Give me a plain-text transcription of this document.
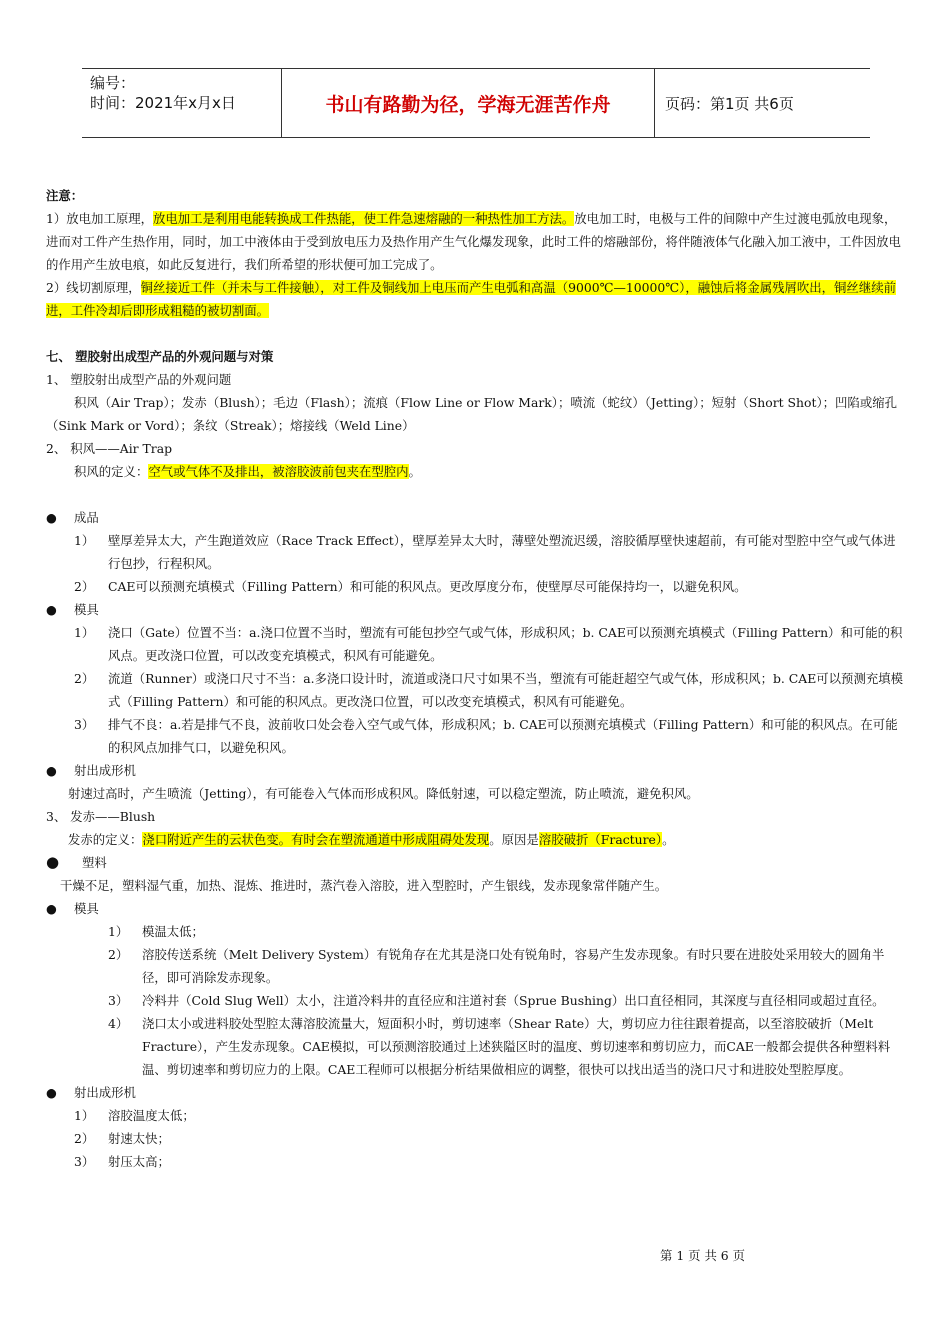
编号：
时间：2021年x月x日	书山有路勤为径，学海无涯苦作舟	页码：第1页 共6页

注意：

1）放电加工原理，放电加工是利用电能转换成工件热能，使工件急速熔融的一种热性加工方法。放电加工时，电极与工件的间隙中产生过渡电弧放电现象，进而对工件产生热作用，同时，加工中液体由于受到放电压力及热作用产生气化爆发现象，此时工件的熔融部份，将伴随液体气化融入加工液中，工件因放电的作用产生放电痕，如此反复进行，我们所希望的形状便可加工完成了。

2）线切割原理，铜丝接近工件（并未与工件接触），对工件及铜线加上电压而产生电弧和高温（9000℃—10000℃），融蚀后将金属残屑吹出，铜丝继续前进，工件冷却后即形成粗糙的被切割面。

七、 塑胶射出成型产品的外观问题与对策

1、 塑胶射出成型产品的外观问题

积风（Air Trap）；发赤（Blush）；毛边（Flash）；流痕（Flow Line or Flow Mark）；喷流（蛇纹）（Jetting）；短射（Short Shot）；凹陷或缩孔（Sink Mark or Vord）；条纹（Streak）；熔接线（Weld Line）

2、 积风——Air Trap

积风的定义：空气或气体不及排出，被溶胶波前包夹在型腔内。

● 成品
1）	壁厚差异太大，产生跑道效应（Race Track Effect），壁厚差异太大时，薄壁处塑流迟缓，溶胶循厚壁快速超前，有可能对型腔中空气或气体进行包抄，行程积风。
2）	CAE可以预测充填模式（Filling Pattern）和可能的积风点。更改厚度分布，使壁厚尽可能保持均一，以避免积风。
● 模具
1）	浇口（Gate）位置不当：a.浇口位置不当时，塑流有可能包抄空气或气体，形成积风；b. CAE可以预测充填模式（Filling Pattern）和可能的积风点。更改浇口位置，可以改变充填模式，积风有可能避免。
2）	流道（Runner）或浇口尺寸不当：a.多浇口设计时，流道或浇口尺寸如果不当，塑流有可能赶超空气或气体，形成积风；b. CAE可以预测充填模式（Filling Pattern）和可能的积风点。更改浇口位置，可以改变充填模式，积风有可能避免。
3）	排气不良：a.若是排气不良，波前收口处会卷入空气或气体，形成积风；b. CAE可以预测充填模式（Filling Pattern）和可能的积风点。在可能的积风点加排气口，以避免积风。
● 射出成形机

射速过高时，产生喷流（Jetting），有可能卷入气体而形成积风。降低射速，可以稳定塑流，防止喷流，避免积风。

3、 发赤——Blush

发赤的定义：浇口附近产生的云状色变。有时会在塑流通道中形成阻碍处发现。原因是溶胶破折（Fracture）。

● 塑料

干燥不足，塑料湿气重，加热、混炼、推进时，蒸汽卷入溶胶，进入型腔时，产生银线，发赤现象常伴随产生。

● 模具
1）	模温太低；
2）	溶胶传送系统（Melt Delivery System）有锐角存在尤其是浇口处有锐角时，容易产生发赤现象。有时只要在进胶处采用较大的圆角半径，即可消除发赤现象。
3）	冷料井（Cold Slug Well）太小，注道冷料井的直径应和注道衬套（Sprue Bushing）出口直径相同，其深度与直径相同或超过直径。
4）	浇口太小或进料胶处型腔太薄溶胶流量大，短面积小时，剪切速率（Shear Rate）大，剪切应力往往跟着提高，以至溶胶破折（Melt Fracture），产生发赤现象。CAE模拟，可以预测溶胶通过上述狭隘区时的温度、剪切速率和剪切应力，而CAE一般都会提供各种塑料料温、剪切速率和剪切应力的上限。CAE工程师可以根据分析结果做相应的调整，很快可以找出适当的浇口尺寸和进胶处型腔厚度。
● 射出成形机
1）	溶胶温度太低；
2）	射速太快；
3）	射压太高；
第 1 页 共 6 页
